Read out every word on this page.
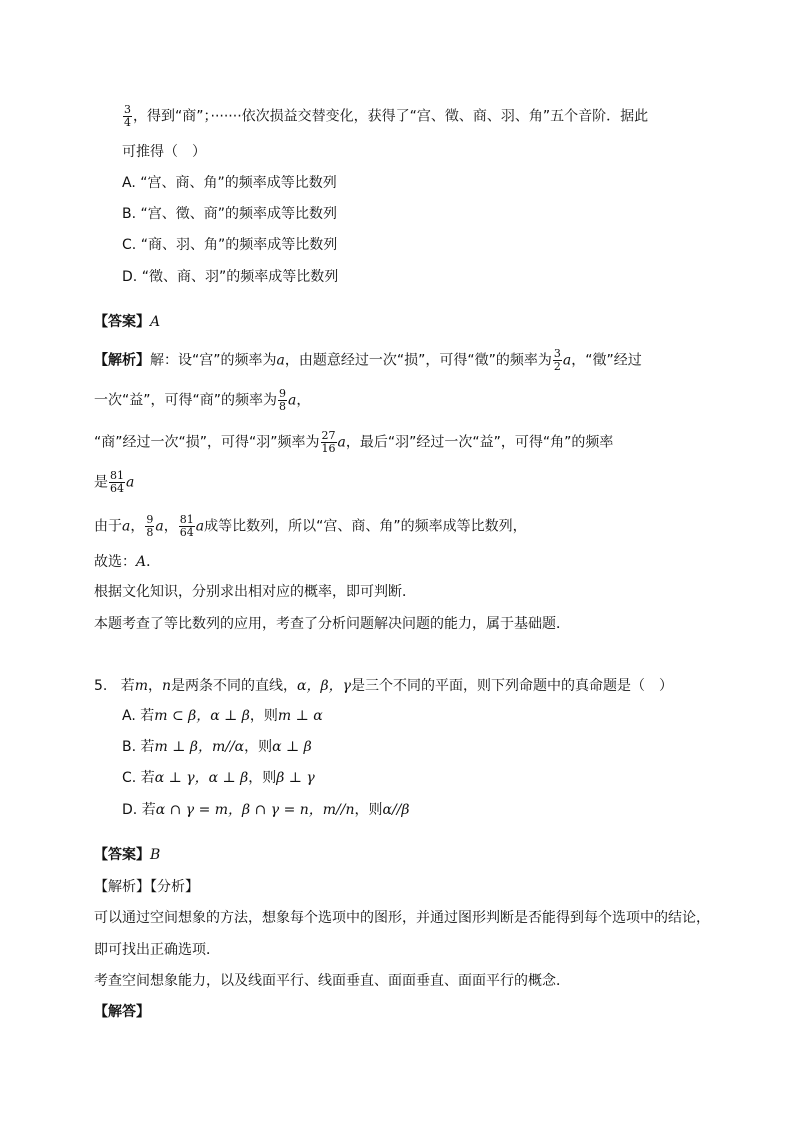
$\frac{3}{4}$ ，得到“商”；·······依次损益交替变化，获得了“宫、徵、商、羽、角”五个音阶．据此
可推得（　）
A. “宫、商、角”的频率成等比数列
B. “宫、徵、商”的频率成等比数列
C. “商、羽、角”的频率成等比数列
D. “徵、商、羽”的频率成等比数列
【答案】A
【解析】解：设“宫”的频率为a，由题意经过一次“损”，可得“徵”的频率为 $\frac{3}{2}$ a，“徵”经过
一次“益”，可得“商”的频率为 $\frac{9}{8}$ a，
“商”经过一次“损”，可得“羽”频率为 $\frac{27}{16}$ a，最后“羽”经过一次“益”，可得“角”的频率
是 $\frac{81}{64}$ a
由于a， $\frac{9}{8}$ a， $\frac{81}{64}$ a成等比数列，所以“宫、商、角”的频率成等比数列，
故选：A．
根据文化知识，分别求出相对应的概率，即可判断．
本题考查了等比数列的应用，考查了分析问题解决问题的能力，属于基础题．
5. 若m，n是两条不同的直线，α，β，γ是三个不同的平面，则下列命题中的真命题是（　）
A. 若m ⊂ β，α ⊥ β，则m ⊥ α
B. 若m ⊥ β，m//α，则α ⊥ β
C. 若α ⊥ γ，α ⊥ β，则β ⊥ γ
D. 若α ∩ γ = m，β ∩ γ = n，m//n，则α//β
【答案】B
【解析】【分析】
可以通过空间想象的方法，想象每个选项中的图形，并通过图形判断是否能得到每个选项中的结论，
即可找出正确选项．
考查空间想象能力，以及线面平行、线面垂直、面面垂直、面面平行的概念．
【解答】
